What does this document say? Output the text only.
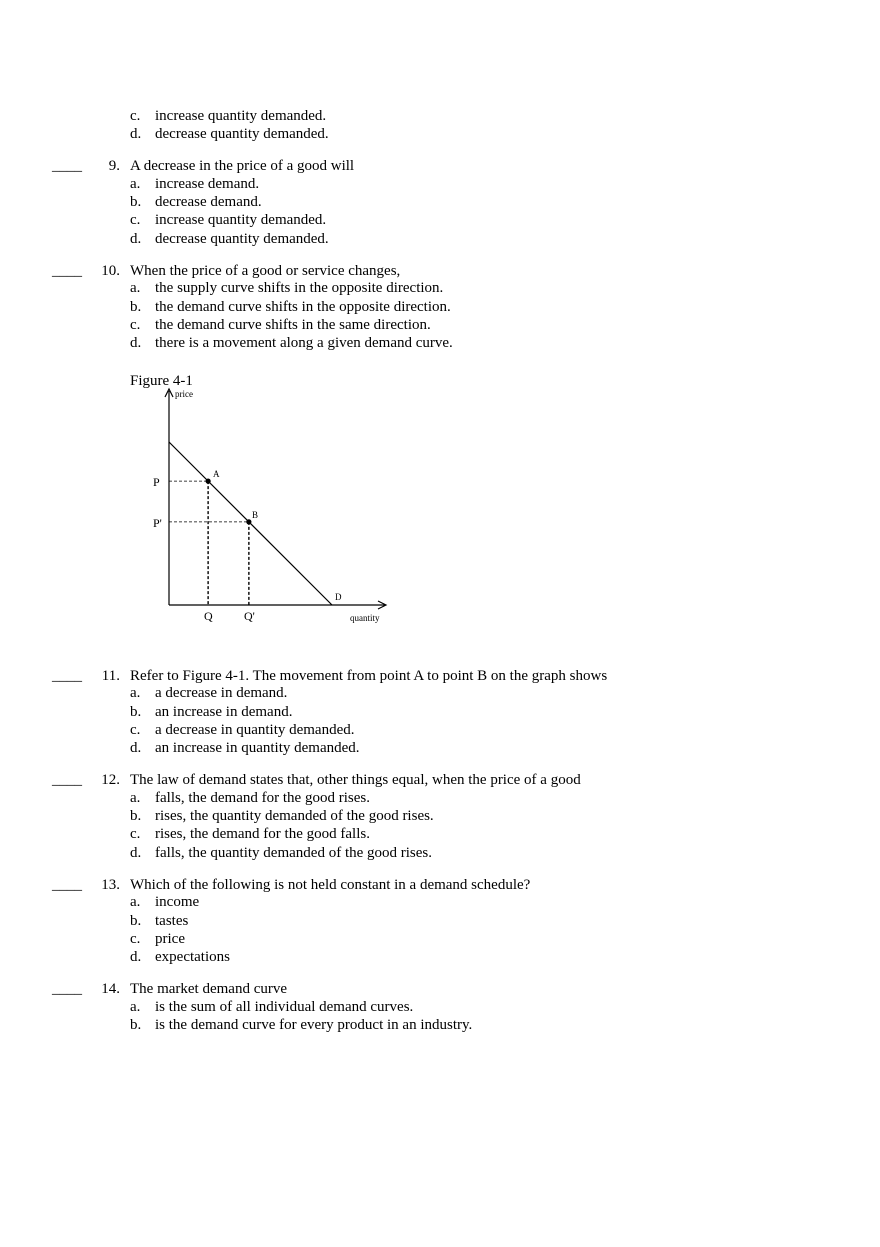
c. increase quantity demanded.
d. decrease quantity demanded.
____	9. A decrease in the price of a good will
a. increase demand.
b. decrease demand.
c. increase quantity demanded.
d. decrease quantity demanded.
____	10. When the price of a good or service changes,
a. the supply curve shifts in the opposite direction.
b. the demand curve shifts in the opposite direction.
c. the demand curve shifts in the same direction.
d. there is a movement along a given demand curve.
Figure 4-1
price
quantity
P
P'
Q	Q'
A
B
D
____	11. Refer to Figure 4-1. The movement from point A to point B on the graph shows
a. a decrease in demand.
b. an increase in demand.
c. a decrease in quantity demanded.
d. an increase in quantity demanded.
____	12. The law of demand states that, other things equal, when the price of a good
a. falls, the demand for the good rises.
b. rises, the quantity demanded of the good rises.
c. rises, the demand for the good falls.
d. falls, the quantity demanded of the good rises.
____	13. Which of the following is not held constant in a demand schedule?
a. income
b. tastes
c. price
d. expectations
____	14. The market demand curve
a. is the sum of all individual demand curves.
b. is the demand curve for every product in an industry.
